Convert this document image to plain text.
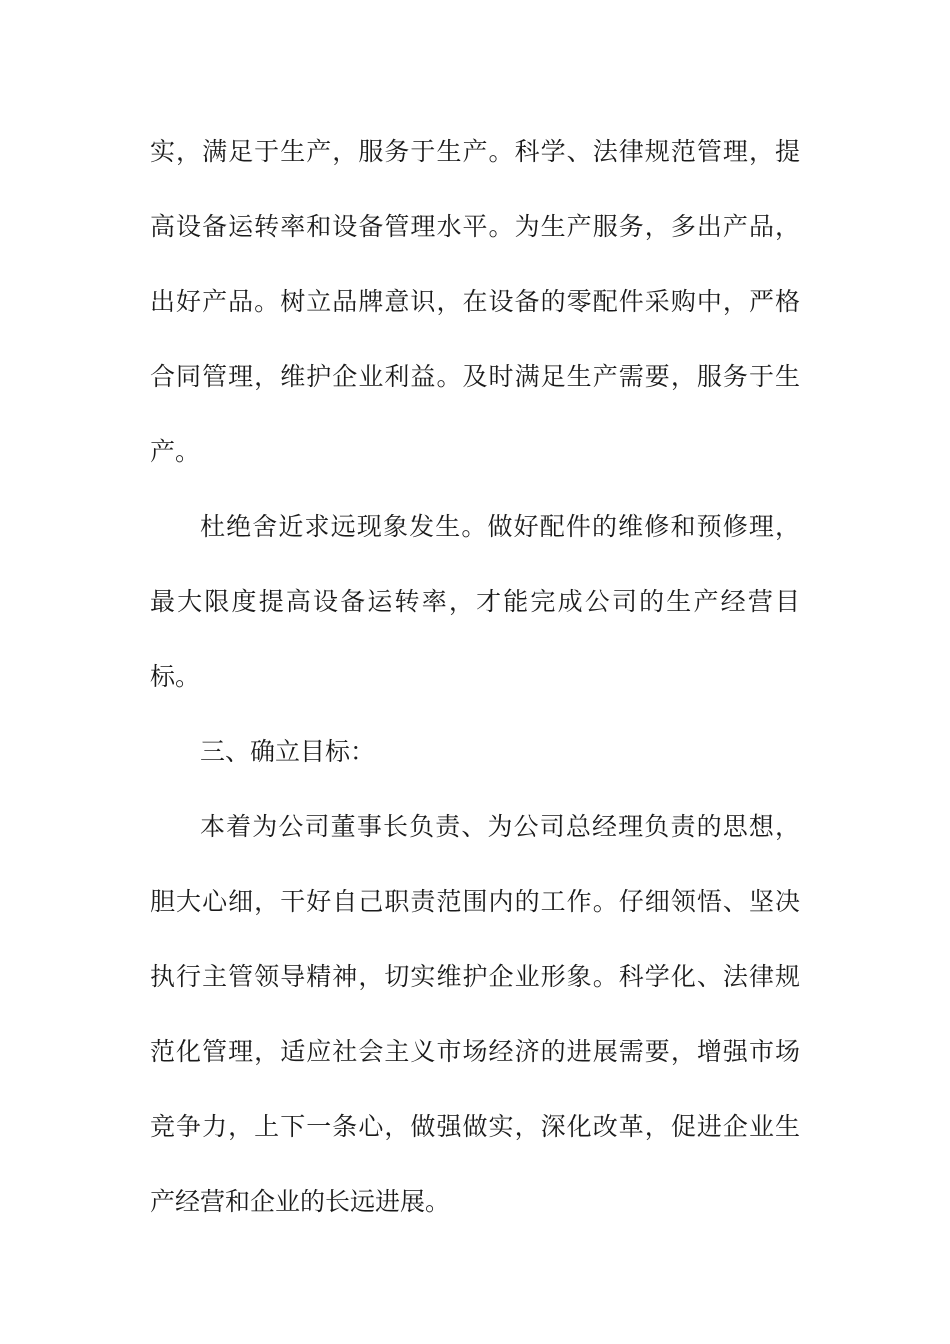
实，满足于生产，服务于生产。科学、法律规范管理，提
高设备运转率和设备管理水平。为生产服务，多出产品，
出好产品。树立品牌意识，在设备的零配件采购中，严格
合同管理，维护企业利益。及时满足生产需要，服务于生
产。
杜绝舍近求远现象发生。做好配件的维修和预修理，
最大限度提高设备运转率，才能完成公司的生产经营目
标。
三、确立目标：
本着为公司董事长负责、为公司总经理负责的思想，
胆大心细，干好自己职责范围内的工作。仔细领悟、坚决
执行主管领导精神，切实维护企业形象。科学化、法律规
范化管理，适应社会主义市场经济的进展需要，增强市场
竞争力，上下一条心，做强做实，深化改革，促进企业生
产经营和企业的长远进展。
